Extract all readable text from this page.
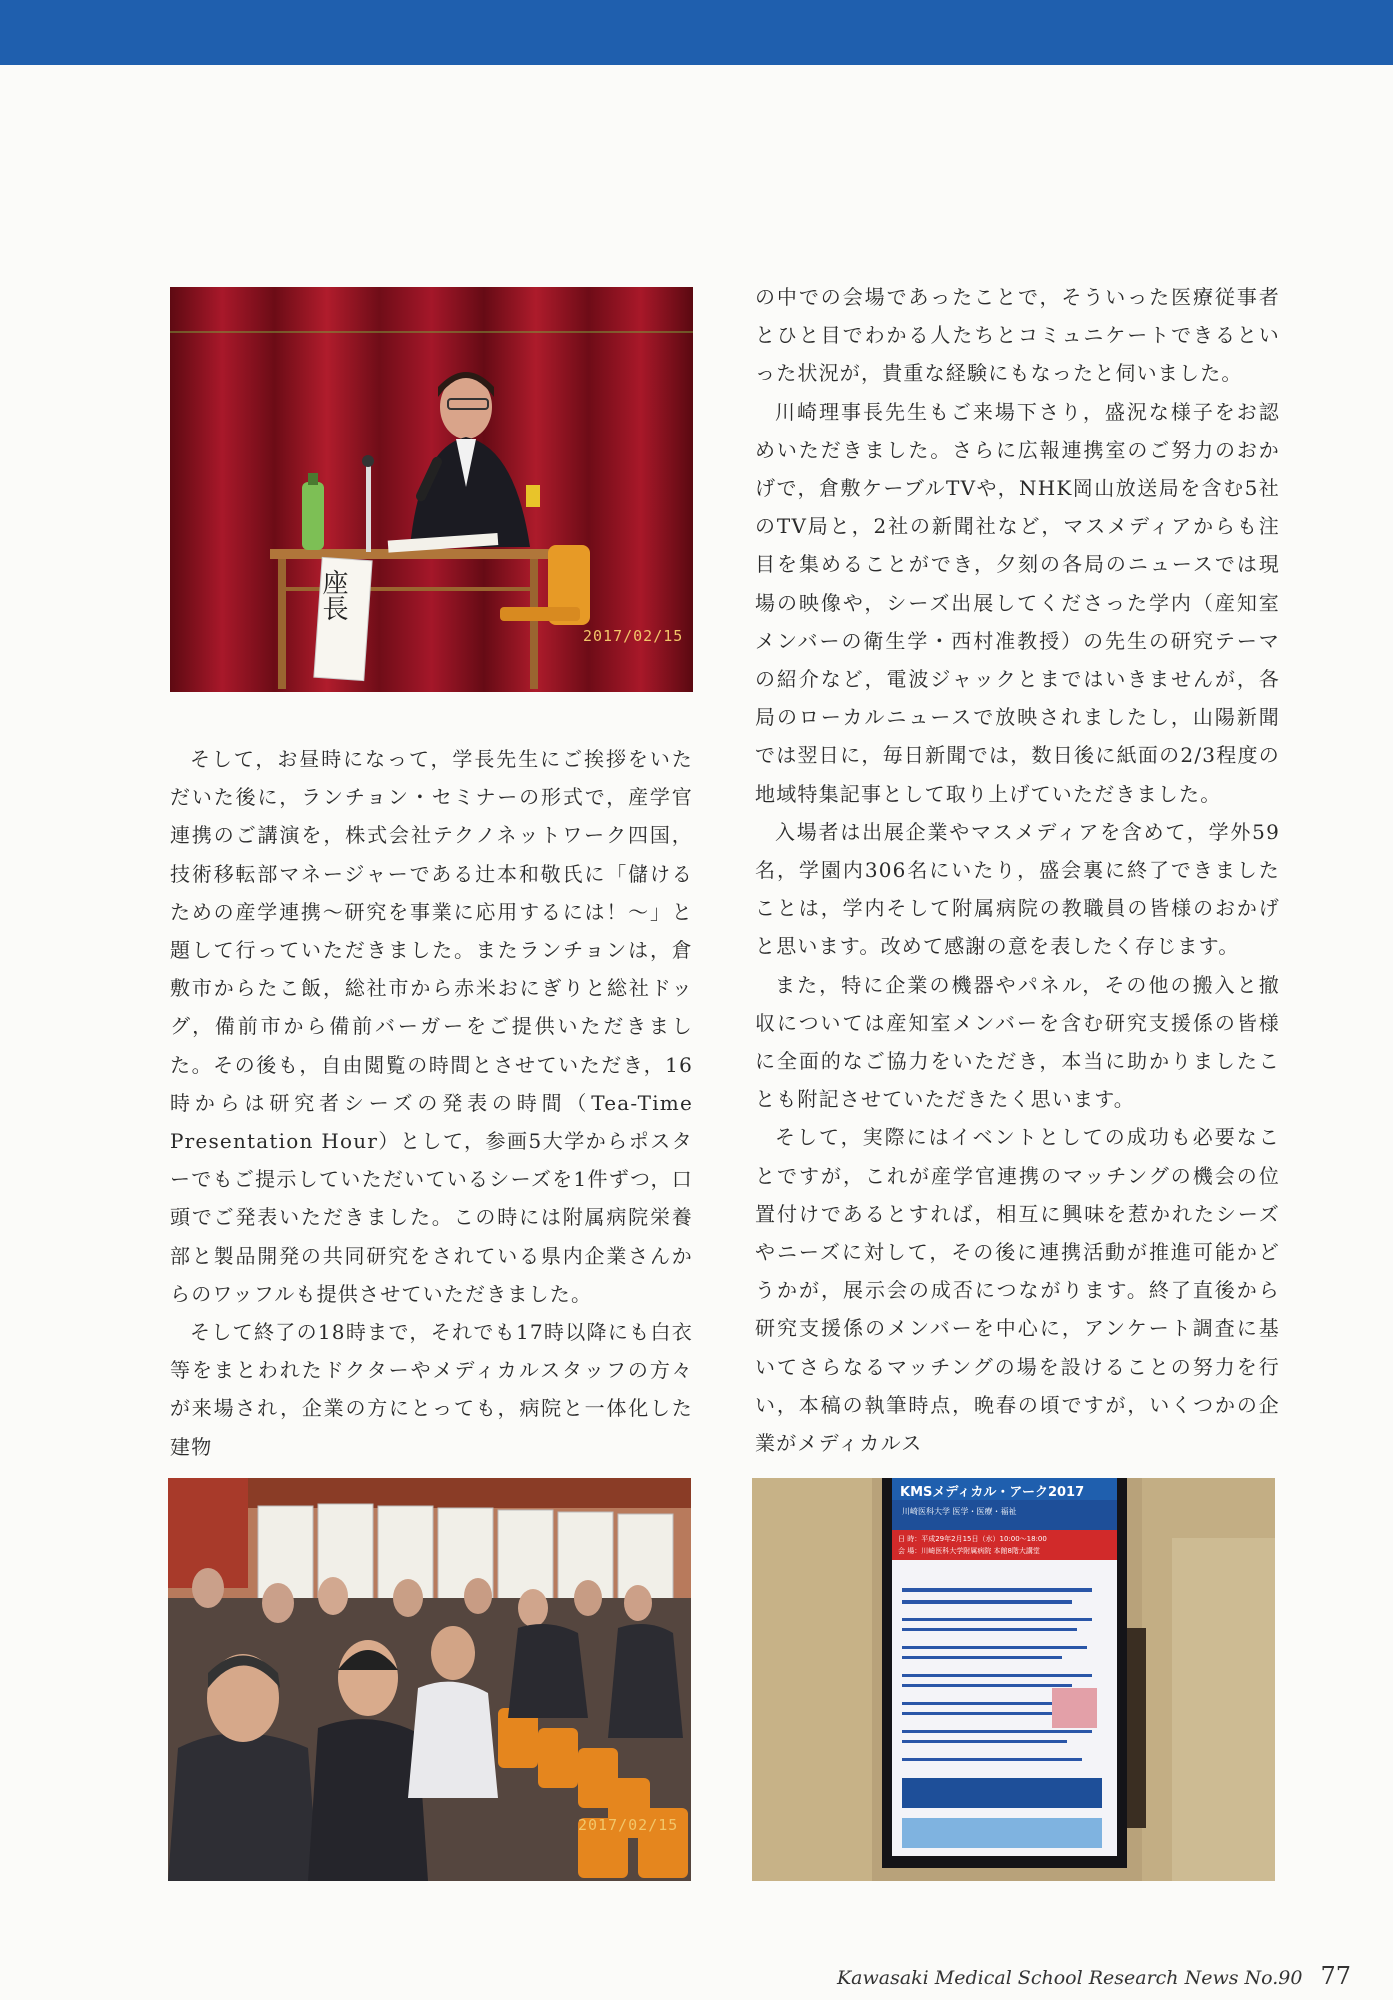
座長
2017/02/15
2017/02/15
KMSメディカル・アーク2017
川崎医科大学 医学・医療・福祉
日 時：平成29年2月15日（水）10:00〜18:00
会 場：川崎医科大学附属病院 本館8階大講堂

そして，お昼時になって，学長先生にご挨拶をいただいた後に，ランチョン・セミナーの形式で，産学官連携のご講演を，株式会社テクノネットワーク四国，技術移転部マネージャーである辻本和敬氏に「儲けるための産学連携〜研究を事業に応用するには！〜」と題して行っていただきました。またランチョンは，倉敷市からたこ飯，総社市から赤米おにぎりと総社ドッグ，備前市から備前バーガーをご提供いただきました。その後も，自由閲覧の時間とさせていただき，16時からは研究者シーズの発表の時間（Tea-Time Presentation Hour）として，参画5大学からポスターでもご提示していただいているシーズを1件ずつ，口頭でご発表いただきました。この時には附属病院栄養部と製品開発の共同研究をされている県内企業さんからのワッフルも提供させていただきました。

そして終了の18時まで，それでも17時以降にも白衣等をまとわれたドクターやメディカルスタッフの方々が来場され，企業の方にとっても，病院と一体化した建物

の中での会場であったことで，そういった医療従事者とひと目でわかる人たちとコミュニケートできるといった状況が，貴重な経験にもなったと伺いました。

川崎理事長先生もご来場下さり，盛況な様子をお認めいただきました。さらに広報連携室のご努力のおかげで，倉敷ケーブルTVや，NHK岡山放送局を含む5社のTV局と，2社の新聞社など，マスメディアからも注目を集めることができ，夕刻の各局のニュースでは現場の映像や，シーズ出展してくださった学内（産知室メンバーの衛生学・西村准教授）の先生の研究テーマの紹介など，電波ジャックとまではいきませんが，各局のローカルニュースで放映されましたし，山陽新聞では翌日に，毎日新聞では，数日後に紙面の2/3程度の地域特集記事として取り上げていただきました。

入場者は出展企業やマスメディアを含めて，学外59名，学園内306名にいたり，盛会裏に終了できましたことは，学内そして附属病院の教職員の皆様のおかげと思います。改めて感謝の意を表したく存じます。

また，特に企業の機器やパネル，その他の搬入と撤収については産知室メンバーを含む研究支援係の皆様に全面的なご協力をいただき，本当に助かりましたことも附記させていただきたく思います。

そして，実際にはイベントとしての成功も必要なことですが，これが産学官連携のマッチングの機会の位置付けであるとすれば，相互に興味を惹かれたシーズやニーズに対して，その後に連携活動が推進可能かどうかが，展示会の成否につながります。終了直後から研究支援係のメンバーを中心に，アンケート調査に基いてさらなるマッチングの場を設けることの努力を行い，本稿の執筆時点，晩春の頃ですが，いくつかの企業がメディカルス

Kawasaki Medical School Research News No.90 77
